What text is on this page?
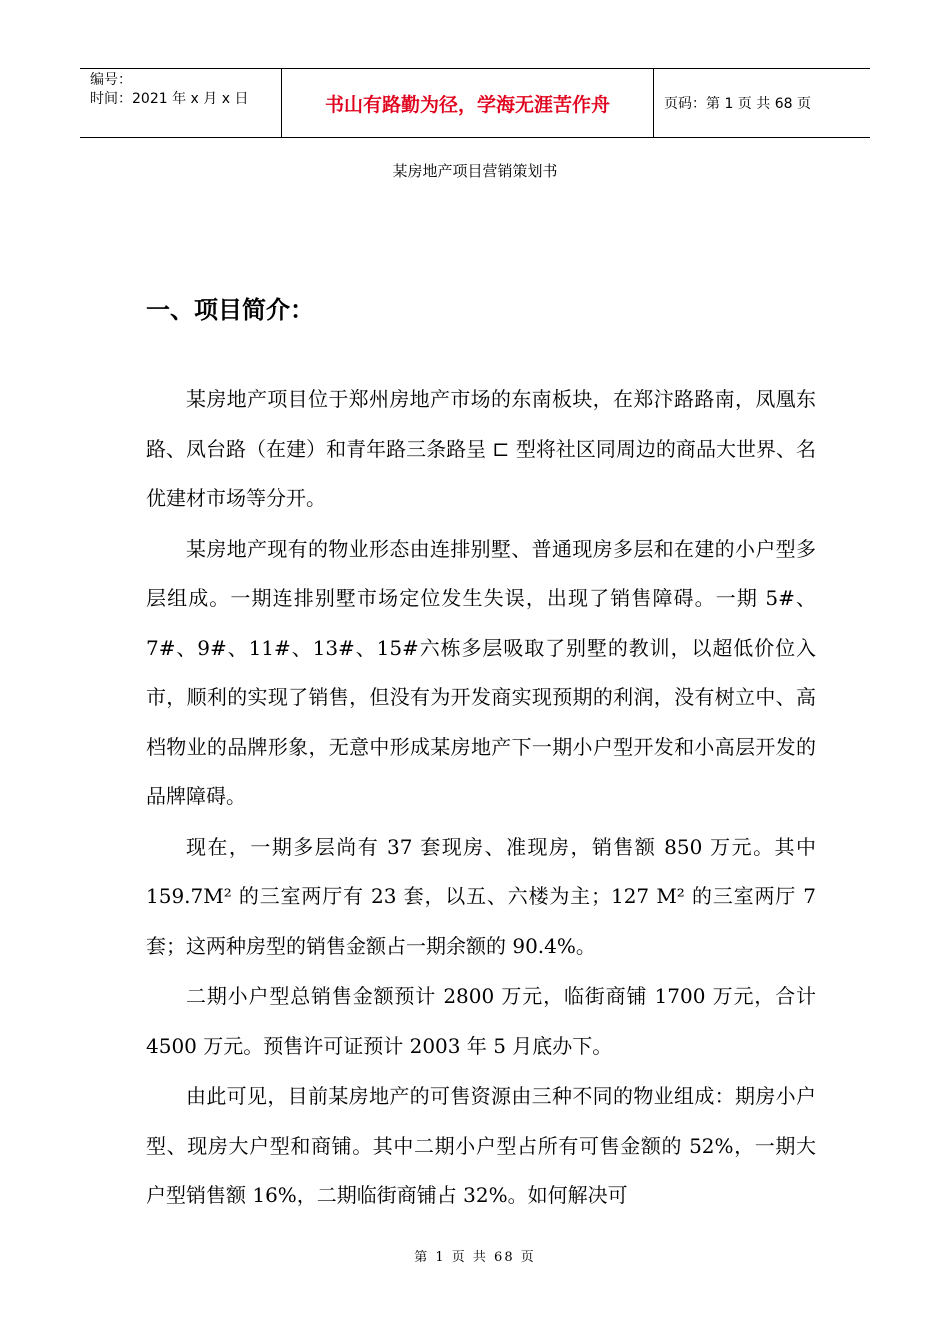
编号：
时间：2021 年 x 月 x 日	书山有路勤为径，学海无涯苦作舟	页码：第 1 页 共 68 页
某房地产项目营销策划书
一、项目简介：

某房地产项目位于郑州房地产市场的东南板块，在郑汴路路南，凤凰东路、凤台路（在建）和青年路三条路呈 ⊏ 型将社区同周边的商品大世界、名优建材市场等分开。

某房地产现有的物业形态由连排别墅、普通现房多层和在建的小户型多层组成。一期连排别墅市场定位发生失误，出现了销售障碍。一期 5#、7#、9#、11#、13#、15#六栋多层吸取了别墅的教训，以超低价位入市，顺利的实现了销售，但没有为开发商实现预期的利润，没有树立中、高档物业的品牌形象，无意中形成某房地产下一期小户型开发和小高层开发的品牌障碍。

现在，一期多层尚有 37 套现房、准现房，销售额 850 万元。其中 159.7M² 的三室两厅有 23 套，以五、六楼为主；127 M² 的三室两厅 7 套；这两种房型的销售金额占一期余额的 90.4%。

二期小户型总销售金额预计 2800 万元，临街商铺 1700 万元，合计 4500 万元。预售许可证预计 2003 年 5 月底办下。

由此可见，目前某房地产的可售资源由三种不同的物业组成：期房小户型、现房大户型和商铺。其中二期小户型占所有可售金额的 52%，一期大户型销售额 16%，二期临街商铺占 32%。如何解决可

第 1 页 共 68 页
